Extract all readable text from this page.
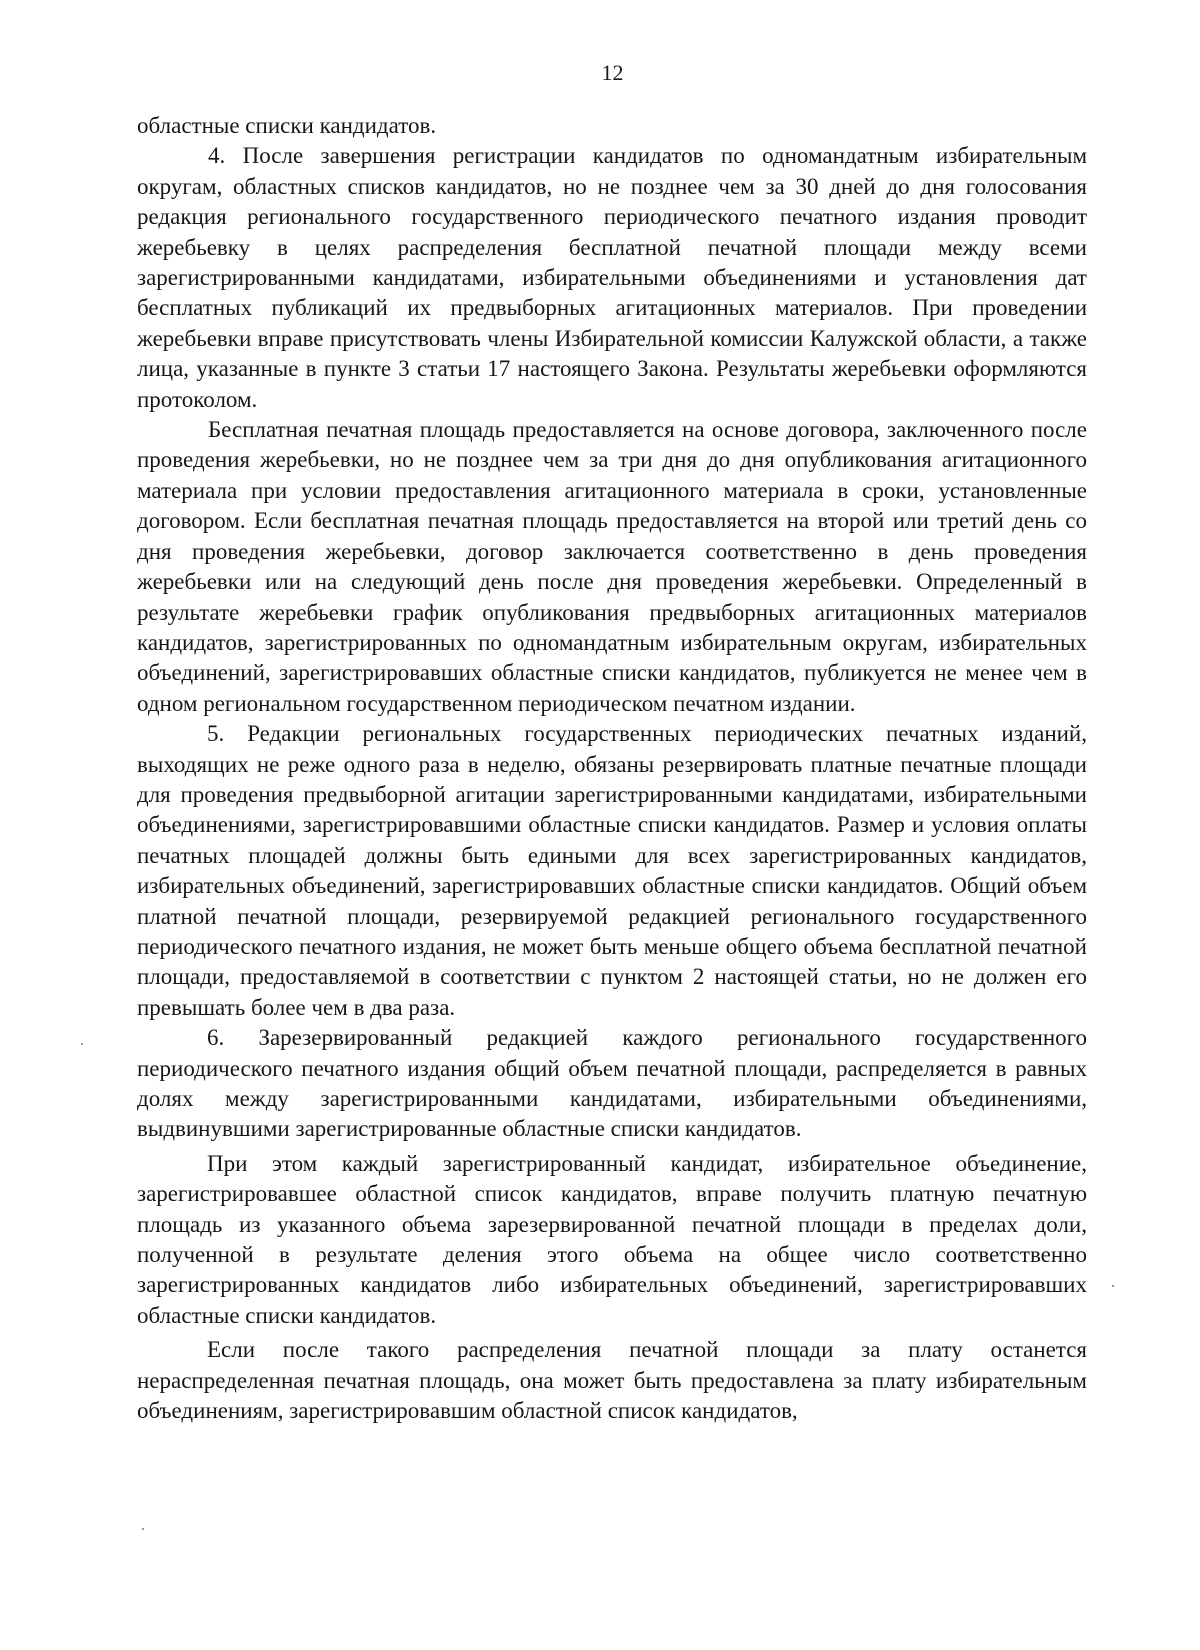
12

областные списки кандидатов.

4. После завершения регистрации кандидатов по одномандатным избирательным округам, областных списков кандидатов, но не позднее чем за 30 дней до дня голосования редакция регионального государственного периодического печатного издания проводит жеребьевку в целях распределения бесплатной печатной площади между всеми зарегистрированными кандидатами, избирательными объединениями и установления дат бесплатных публикаций их предвыборных агитационных материалов. При проведении жеребьевки вправе присутствовать члены Избирательной комиссии Калужской области, а также лица, указанные в пункте 3 статьи 17 настоящего Закона. Результаты жеребьевки оформляются протоколом.

Бесплатная печатная площадь предоставляется на основе договора, заключенного после проведения жеребьевки, но не позднее чем за три дня до дня опубликования агитационного материала при условии предоставления агитационного материала в сроки, установленные договором. Если бесплатная печатная площадь предоставляется на второй или третий день со дня проведения жеребьевки, договор заключается соответственно в день проведения жеребьевки или на следующий день после дня проведения жеребьевки. Определенный в результате жеребьевки график опубликования предвыборных агитационных материалов кандидатов, зарегистрированных по одномандатным избирательным округам, избирательных объединений, зарегистрировавших областные списки кандидатов, публикуется не менее чем в одном региональном государственном периодическом печатном издании.

5. Редакции региональных государственных периодических печатных изданий, выходящих не реже одного раза в неделю, обязаны резервировать платные печатные площади для проведения предвыборной агитации зарегистрированными кандидатами, избирательными объединениями, зарегистрировавшими областные списки кандидатов. Размер и условия оплаты печатных площадей должны быть едиными для всех зарегистрированных кандидатов, избирательных объединений, зарегистрировавших областные списки кандидатов. Общий объем платной печатной площади, резервируемой редакцией регионального государственного периодического печатного издания, не может быть меньше общего объема бесплатной печатной площади, предоставляемой в соответствии с пунктом 2 настоящей статьи, но не должен его превышать более чем в два раза.

6. Зарезервированный редакцией каждого регионального государственного периодического печатного издания общий объем печатной площади, распределяется в равных долях между зарегистрированными кандидатами, избирательными объединениями, выдвинувшими зарегистрированные областные списки кандидатов.

При этом каждый зарегистрированный кандидат, избирательное объединение, зарегистрировавшее областной список кандидатов, вправе получить платную печатную площадь из указанного объема зарезервированной печатной площади в пределах доли, полученной в результате деления этого объема на общее число соответственно зарегистрированных кандидатов либо избирательных объединений, зарегистрировавших областные списки кандидатов.

Если после такого распределения печатной площади за плату останется нераспределенная печатная площадь, она может быть предоставлена за плату избирательным объединениям, зарегистрировавшим областной список кандидатов,
